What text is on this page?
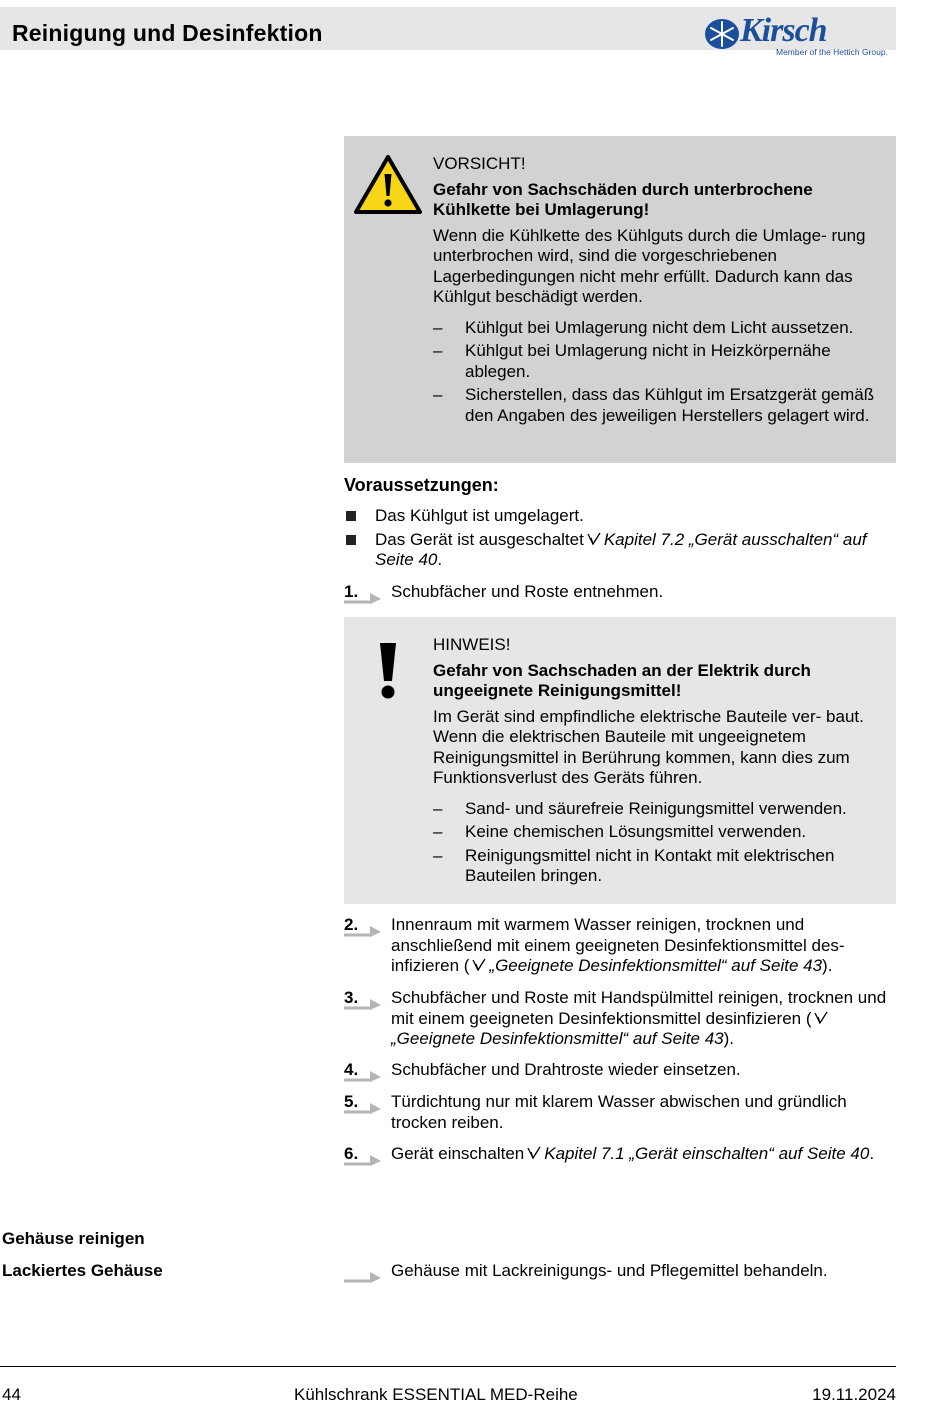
Reinigung und Desinfektion	Kirsch
Member of the Hettich Group.
VORSICHT!
Gefahr von Sachschäden durch unterbrochene Kühlkette bei Umlagerung!
Wenn die Kühlkette des Kühlguts durch die Umlage- rung unterbrochen wird, sind die vorgeschriebenen Lagerbedingungen nicht mehr erfüllt. Dadurch kann das Kühlgut beschädigt werden.
– Kühlgut bei Umlagerung nicht dem Licht aussetzen.
– Kühlgut bei Umlagerung nicht in Heizkörpernähe ablegen.
– Sicherstellen, dass das Kühlgut im Ersatzgerät gemäß den Angaben des jeweiligen Herstellers gelagert wird.
Voraussetzungen:
Das Kühlgut ist umgelagert.
Das Gerät ist ausgeschaltet Kapitel 7.2 „Gerät ausschalten“ auf Seite 40.
1. Schubfächer und Roste entnehmen.
HINWEIS!
Gefahr von Sachschaden an der Elektrik durch ungeeignete Reinigungsmittel!
Im Gerät sind empfindliche elektrische Bauteile ver- baut. Wenn die elektrischen Bauteile mit ungeeignetem Reinigungsmittel in Berührung kommen, kann dies zum Funktionsverlust des Geräts führen.
– Sand- und säurefreie Reinigungsmittel verwenden.
– Keine chemischen Lösungsmittel verwenden.
– Reinigungsmittel nicht in Kontakt mit elektrischen Bauteilen bringen.
2. Innenraum mit warmem Wasser reinigen, trocknen und anschließend mit einem geeigneten Desinfektionsmittel des- infizieren ( „Geeignete Desinfektionsmittel“ auf Seite 43).
3. Schubfächer und Roste mit Handspülmittel reinigen, trocknen und mit einem geeigneten Desinfektionsmittel desinfizieren („Geeignete Desinfektionsmittel“ auf Seite 43).
4. Schubfächer und Drahtroste wieder einsetzen.
5. Türdichtung nur mit klarem Wasser abwischen und gründlich trocken reiben.
6. Gerät einschalten Kapitel 7.1 „Gerät einschalten“ auf Seite 40.
Gehäuse reinigen
Lackiertes Gehäuse	Gehäuse mit Lackreinigungs- und Pflegemittel behandeln.
44	Kühlschrank ESSENTIAL MED-Reihe	19.11.2024
